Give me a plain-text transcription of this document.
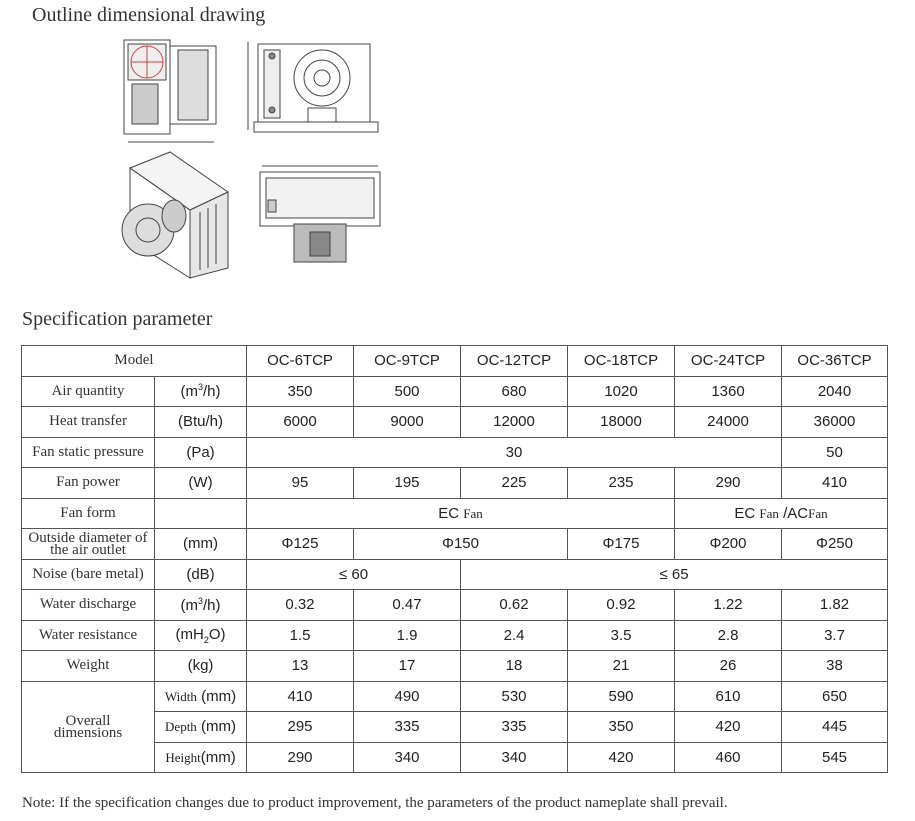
Outline dimensional drawing
Specification parameter
Model		OC-6TCP	OC-9TCP	OC-12TCP	OC-18TCP	OC-24TCP	OC-36TCP
Air quantity	$(m^3/h)$	350	500	680	1020	1360	2040
Heat transfer	(Btu/h)	6000	9000	12000	18000	24000	36000
Fan static pressure	(Pa)	30					50
Fan power	(W)	95	195	225	235	290	410
Fan form		EC Fan				EC Fan /ACFan	

Outside diameter of
the air outlet	(mm)	Φ125	Φ150		Φ175	Φ200	Φ250
Noise (bare metal)	(dB)	≤ 60		≤ 65			
Water discharge	$(m^3/h)$	0.32	0.47	0.62	0.92	1.22	1.82
Water resistance	$(mH_2O)$	1.5	1.9	2.4	3.5	2.8	3.7
Weight	(kg)	13	17	18	21	26	38

Overall
dimensions	Width (mm)	410	490	530	590	610	650
	Depth (mm)	295	335	335	350	420	445
	Height(mm)	290	340	340	420	460	545
Note: If the specification changes due to product improvement, the parameters of the product nameplate shall prevail.
